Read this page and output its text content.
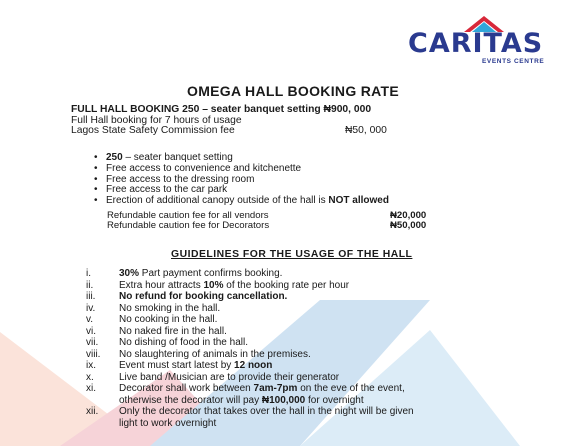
CARITAS
EVENTS CENTRE
OMEGA HALL BOOKING RATE
FULL HALL BOOKING 250 – seater banquet setting ₦900, 000
Full Hall booking for 7 hours of usage
Lagos State Safety Commission fee	₦50, 000
• 250 – seater banquet setting
• Free access to convenience and kitchenette
• Free access to the dressing room
• Free access to the car park
• Erection of additional canopy outside of the hall is NOT allowed
Refundable caution fee for all vendors	₦20,000
Refundable caution fee for Decorators	₦50,000
GUIDELINES FOR THE USAGE OF THE HALL
i.	30% Part payment confirms booking.
ii.	Extra hour attracts 10% of the booking rate per hour
iii. No refund for booking cancellation.
iv. No smoking in the hall.
v.	No cooking in the hall.
vi. No naked fire in the hall.
vii. No dishing of food in the hall.
viii. No slaughtering of animals in the premises.
ix. Event must start latest by 12 noon
x.	Live band /Musician are to provide their generator
xi. Decorator shall work between 7am-7pm on the eve of the event,
otherwise the decorator will pay ₦100,000 for overnight
xii. Only the decorator that takes over the hall in the night will be given
light to work overnight
